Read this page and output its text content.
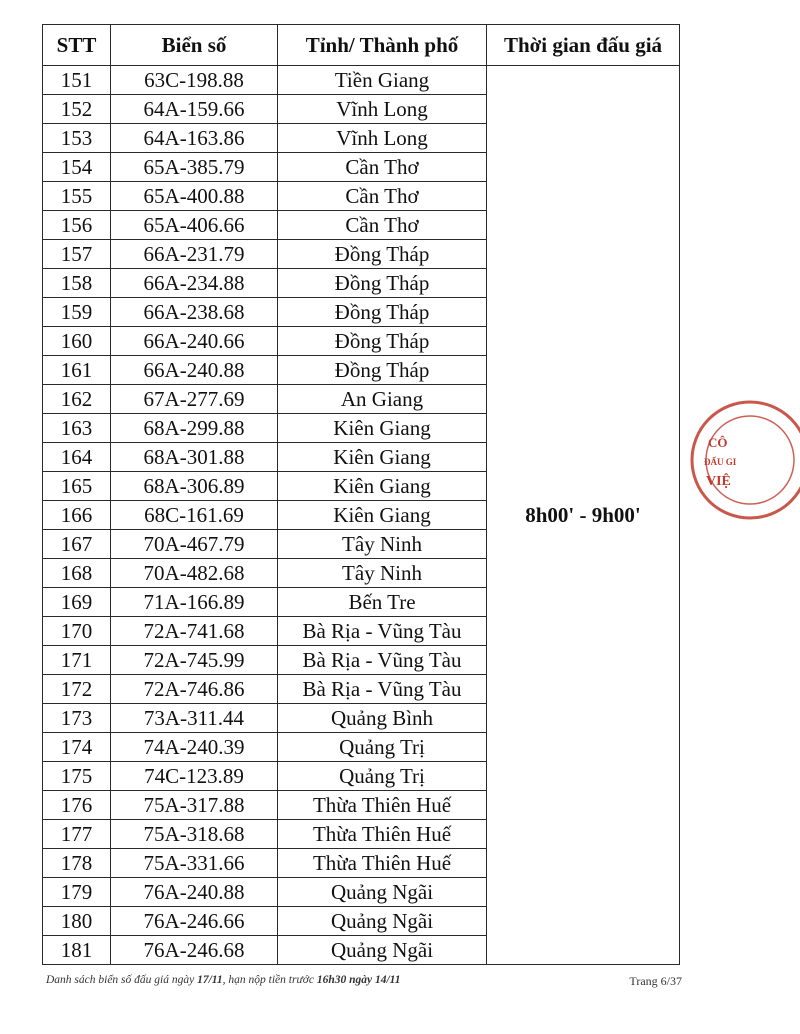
STT	Biển số	Tỉnh/ Thành phố	Thời gian đấu giá
151	63C-198.88	Tiền Giang	8h00' - 9h00'
152	64A-159.66	Vĩnh Long	
153	64A-163.86	Vĩnh Long	
154	65A-385.79	Cần Thơ	
155	65A-400.88	Cần Thơ	
156	65A-406.66	Cần Thơ	
157	66A-231.79	Đồng Tháp	
158	66A-234.88	Đồng Tháp	
159	66A-238.68	Đồng Tháp	
160	66A-240.66	Đồng Tháp	
161	66A-240.88	Đồng Tháp	
162	67A-277.69	An Giang	
163	68A-299.88	Kiên Giang	
164	68A-301.88	Kiên Giang	
165	68A-306.89	Kiên Giang	
166	68C-161.69	Kiên Giang	
167	70A-467.79	Tây Ninh	
168	70A-482.68	Tây Ninh	
169	71A-166.89	Bến Tre	
170	72A-741.68	Bà Rịa - Vũng Tàu	
171	72A-745.99	Bà Rịa - Vũng Tàu	
172	72A-746.86	Bà Rịa - Vũng Tàu	
173	73A-311.44	Quảng Bình	
174	74A-240.39	Quảng Trị	
175	74C-123.89	Quảng Trị	
176	75A-317.88	Thừa Thiên Huế	
177	75A-318.68	Thừa Thiên Huế	
178	75A-331.66	Thừa Thiên Huế	
179	76A-240.88	Quảng Ngãi	
180	76A-246.66	Quảng Ngãi	
181	76A-246.68	Quảng Ngãi	
Danh sách biển số đấu giá ngày 17/11, hạn nộp tiền trước 16h30 ngày 14/11	Trang 6/37
CÔ
ĐẤU GI
VIỆ
